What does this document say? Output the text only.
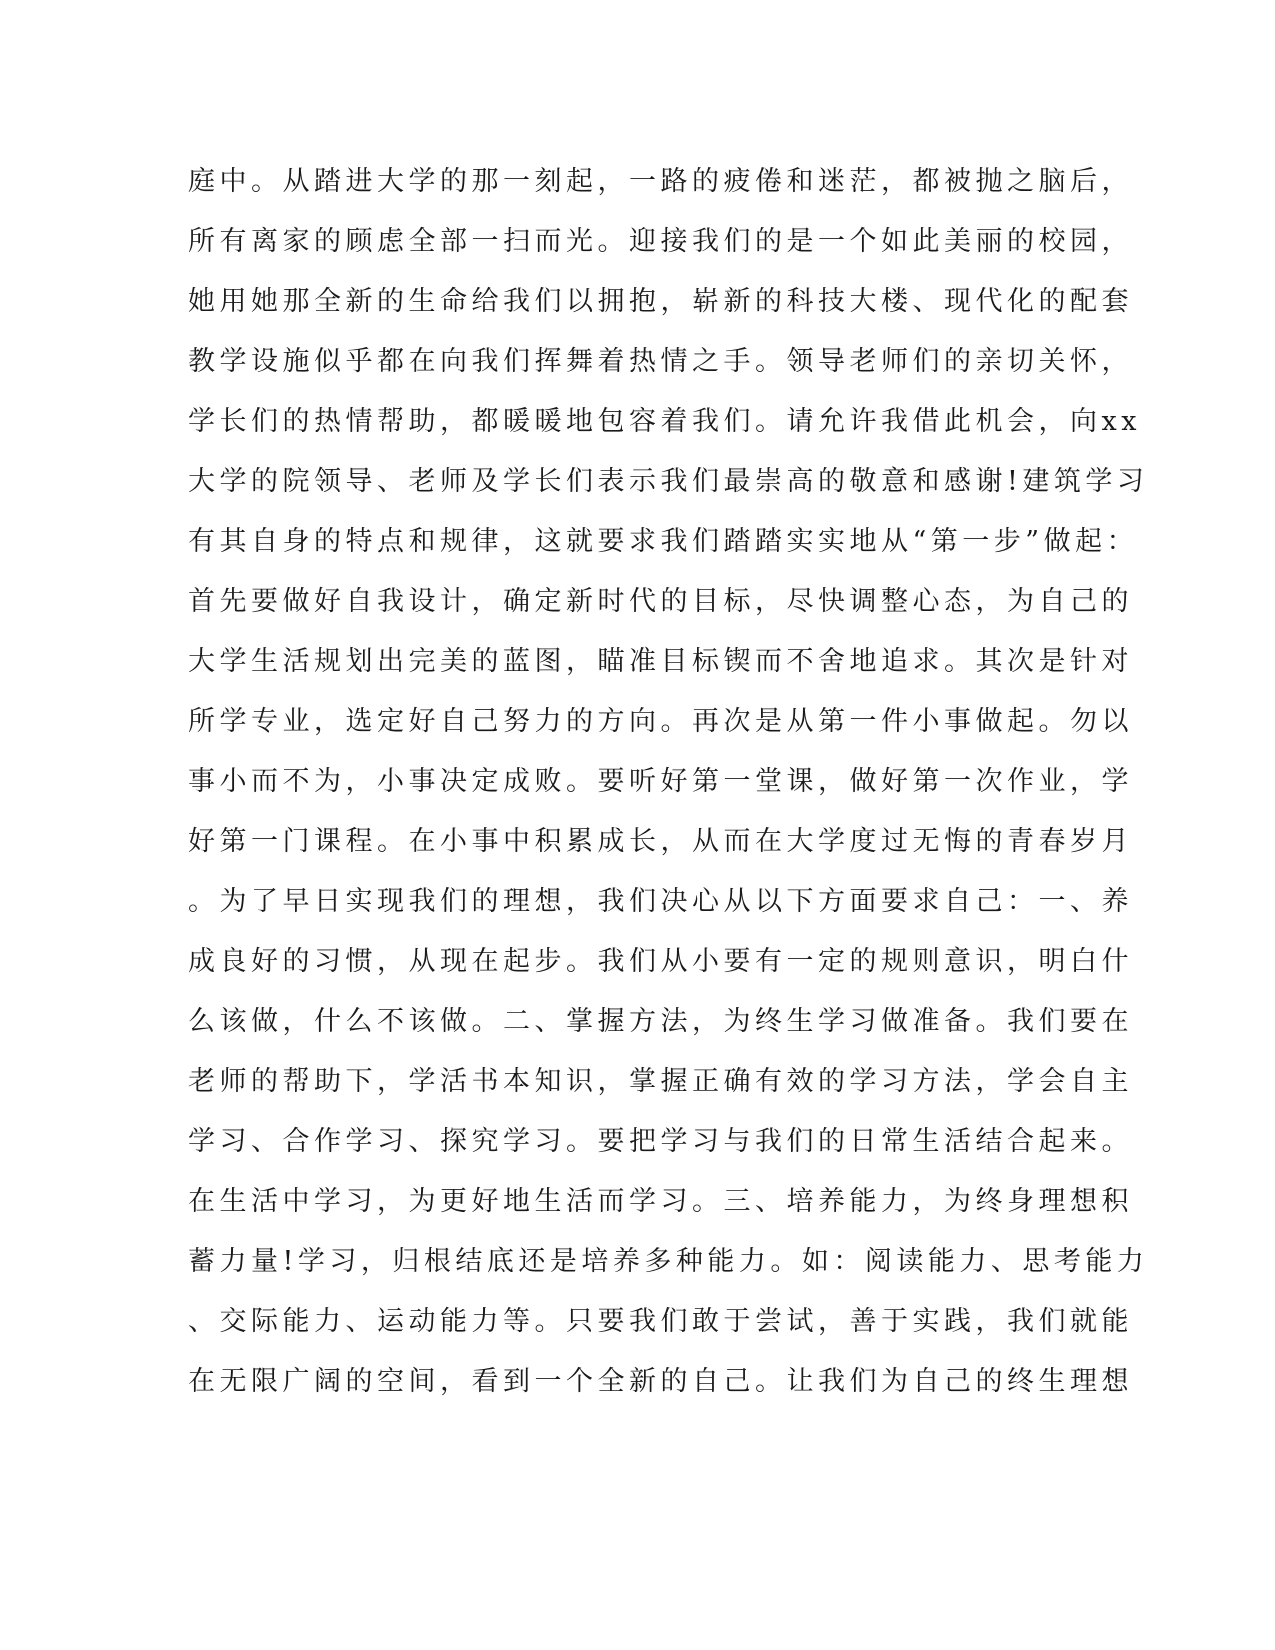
庭中。从踏进大学的那一刻起，一路的疲倦和迷茫，都被抛之脑后，
所有离家的顾虑全部一扫而光。迎接我们的是一个如此美丽的校园，
她用她那全新的生命给我们以拥抱，崭新的科技大楼、现代化的配套
教学设施似乎都在向我们挥舞着热情之手。领导老师们的亲切关怀，
学长们的热情帮助，都暖暖地包容着我们。请允许我借此机会，向xx
大学的院领导、老师及学长们表示我们最崇高的敬意和感谢!建筑学习
有其自身的特点和规律，这就要求我们踏踏实实地从“第一步”做起：
首先要做好自我设计，确定新时代的目标，尽快调整心态，为自己的
大学生活规划出完美的蓝图，瞄准目标锲而不舍地追求。其次是针对
所学专业，选定好自己努力的方向。再次是从第一件小事做起。勿以
事小而不为，小事决定成败。要听好第一堂课，做好第一次作业，学
好第一门课程。在小事中积累成长，从而在大学度过无悔的青春岁月
。为了早日实现我们的理想，我们决心从以下方面要求自己：一、养
成良好的习惯，从现在起步。我们从小要有一定的规则意识，明白什
么该做，什么不该做。二、掌握方法，为终生学习做准备。我们要在
老师的帮助下，学活书本知识，掌握正确有效的学习方法，学会自主
学习、合作学习、探究学习。要把学习与我们的日常生活结合起来。
在生活中学习，为更好地生活而学习。三、培养能力，为终身理想积
蓄力量!学习，归根结底还是培养多种能力。如：阅读能力、思考能力
、交际能力、运动能力等。只要我们敢于尝试，善于实践，我们就能
在无限广阔的空间，看到一个全新的自己。让我们为自己的终生理想
